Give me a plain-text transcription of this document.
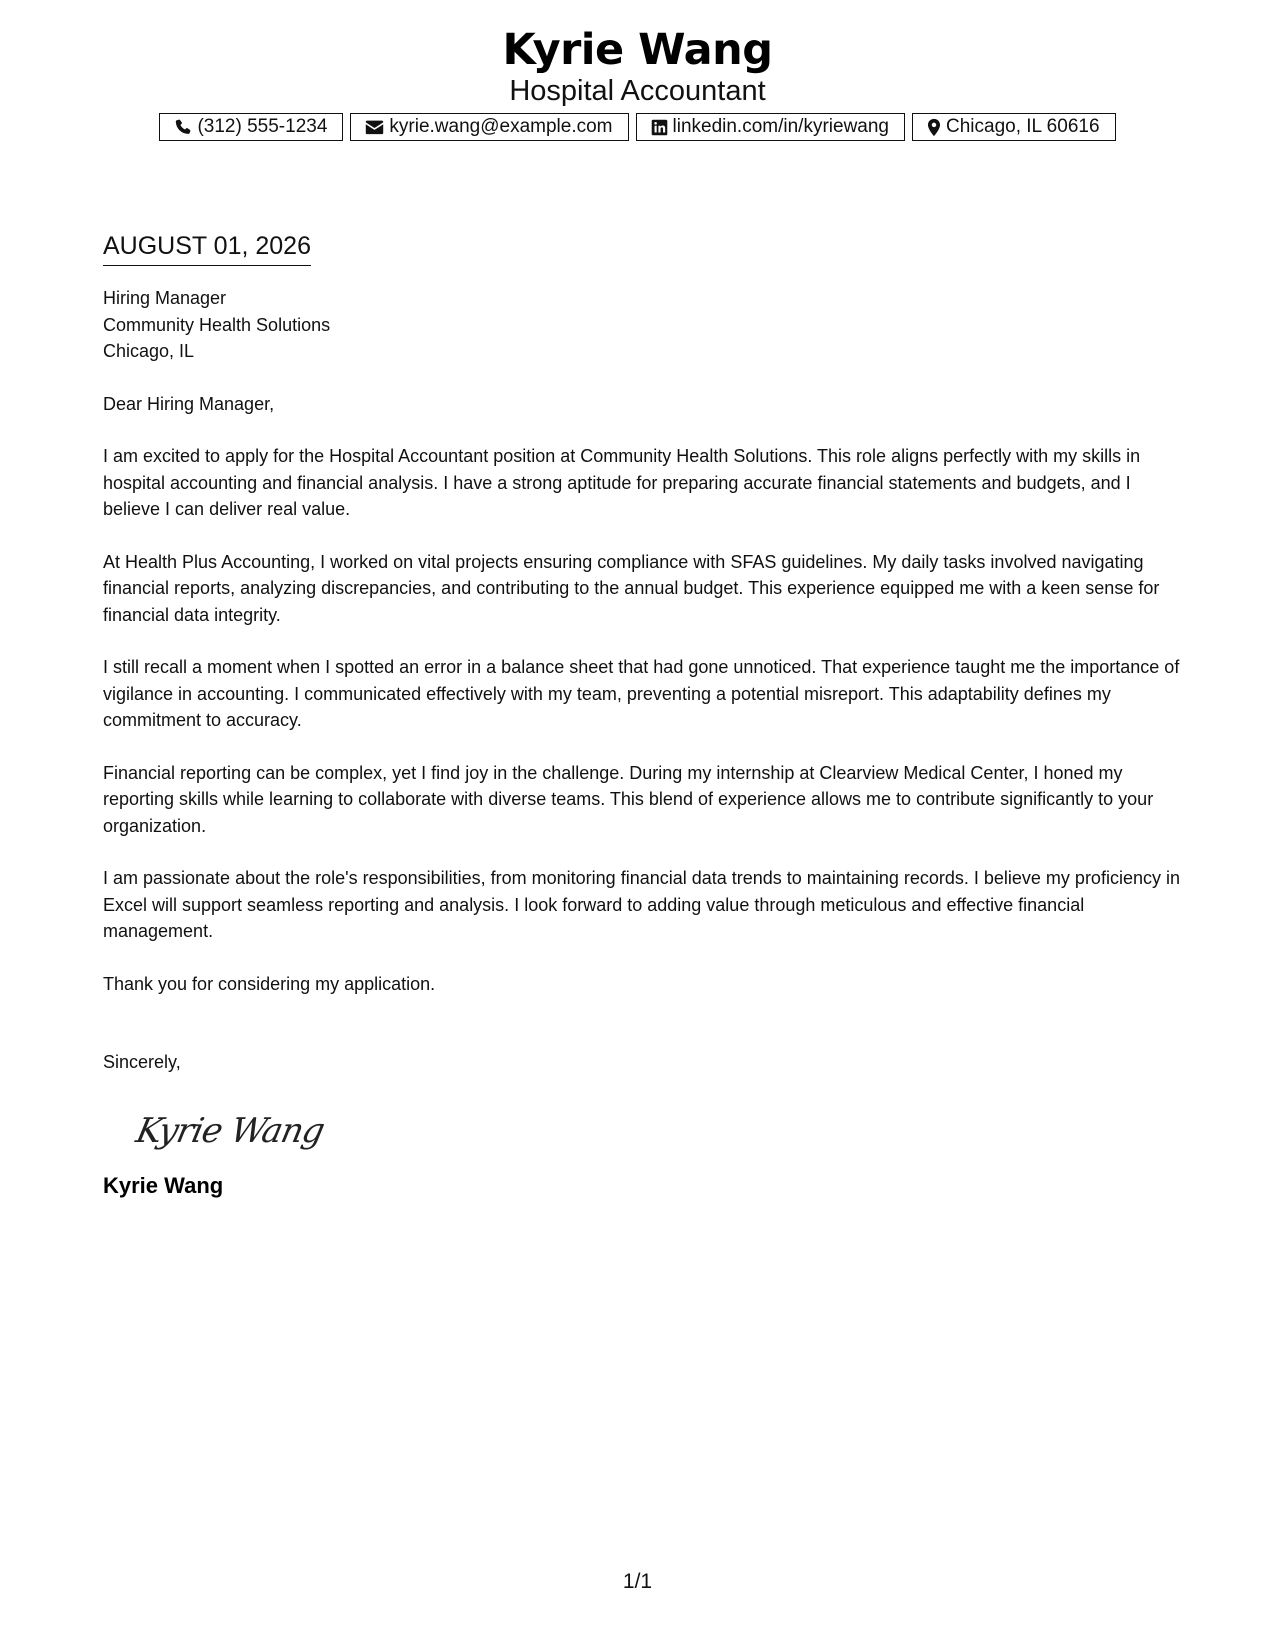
Kyrie Wang
Hospital Accountant
(312) 555-1234	kyrie.wang@example.com	linkedin.com/in/kyriewang	Chicago, IL 60616
AUGUST 01, 2026
Hiring Manager
Community Health Solutions
Chicago, IL

Dear Hiring Manager,

I am excited to apply for the Hospital Accountant position at Community Health Solutions. This role aligns perfectly with my skills in hospital accounting and financial analysis. I have a strong aptitude for preparing accurate financial statements and budgets, and I believe I can deliver real value.

At Health Plus Accounting, I worked on vital projects ensuring compliance with SFAS guidelines. My daily tasks involved navigating financial reports, analyzing discrepancies, and contributing to the annual budget. This experience equipped me with a keen sense for financial data integrity.

I still recall a moment when I spotted an error in a balance sheet that had gone unnoticed. That experience taught me the importance of vigilance in accounting. I communicated effectively with my team, preventing a potential misreport. This adaptability defines my commitment to accuracy.

Financial reporting can be complex, yet I find joy in the challenge. During my internship at Clearview Medical Center, I honed my reporting skills while learning to collaborate with diverse teams. This blend of experience allows me to contribute significantly to your organization.

I am passionate about the role's responsibilities, from monitoring financial data trends to maintaining records. I believe my proficiency in Excel will support seamless reporting and analysis. I look forward to adding value through meticulous and effective financial management.

Thank you for considering my application.

Sincerely,
Kyrie Wang
Kyrie Wang
1/1
